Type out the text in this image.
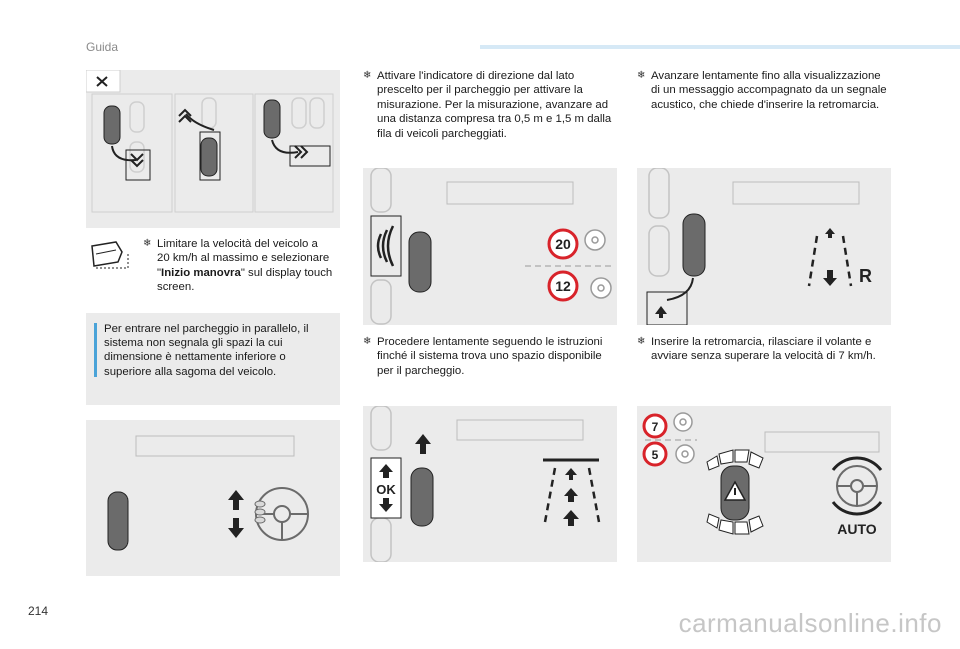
Guida
❄ Limitare la velocità del veicolo a 20 km/h al massimo e selezionare "Inizio manovra" sul display touch screen.
Per entrare nel parcheggio in parallelo, il sistema non segnala gli spazi la cui dimensione è nettamente inferiore o superiore alla sagoma del veicolo.
❄ Attivare l'indicatore di direzione dal lato prescelto per il parcheggio per attivare la misurazione. Per la misurazione, avanzare ad una distanza compresa tra 0,5 m e 1,5 m dalla fila di veicoli parcheggiati.
20
12
❄ Procedere lentamente seguendo le istruzioni finché il sistema trova uno spazio disponibile per il parcheggio.
OK
❄ Avanzare lentamente fino alla visualizzazione di un messaggio accompagnato da un segnale acustico, che chiede d'inserire la retromarcia.
R
❄ Inserire la retromarcia, rilasciare il volante e avviare senza superare la velocità di 7 km/h.
7
5
AUTO
214	carmanualsonline.info
